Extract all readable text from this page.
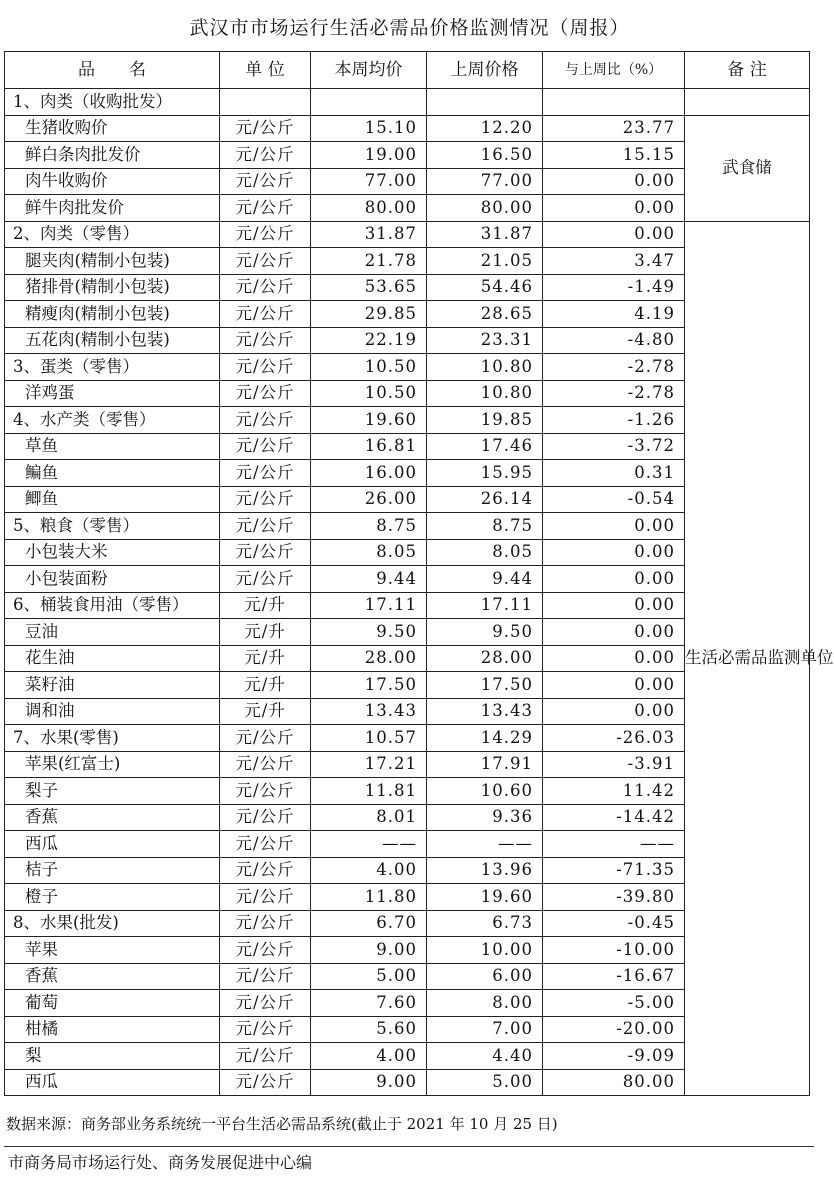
武汉市市场运行生活必需品价格监测情况（周报）
品　　名	单 位	本周均价	上周价格	与上周比（%）	备 注
1、肉类（收购批发）					
生猪收购价	元/公斤	15.10	12.20	23.77	武食储
鲜白条肉批发价	元/公斤	19.00	16.50	15.15	
肉牛收购价	元/公斤	77.00	77.00	0.00	
鲜牛肉批发价	元/公斤	80.00	80.00	0.00	
2、肉类（零售）	元/公斤	31.87	31.87	0.00	生活必需品监测单位
腿夹肉(精制小包装)	元/公斤	21.78	21.05	3.47	
猪排骨(精制小包装)	元/公斤	53.65	54.46	-1.49	
精瘦肉(精制小包装)	元/公斤	29.85	28.65	4.19	
五花肉(精制小包装)	元/公斤	22.19	23.31	-4.80	
3、蛋类（零售）	元/公斤	10.50	10.80	-2.78	
洋鸡蛋	元/公斤	10.50	10.80	-2.78	
4、水产类（零售）	元/公斤	19.60	19.85	-1.26	
草鱼	元/公斤	16.81	17.46	-3.72	
鳊鱼	元/公斤	16.00	15.95	0.31	
鲫鱼	元/公斤	26.00	26.14	-0.54	
5、粮食（零售）	元/公斤	8.75	8.75	0.00	
小包装大米	元/公斤	8.05	8.05	0.00	
小包装面粉	元/公斤	9.44	9.44	0.00	
6、桶装食用油（零售）	元/升	17.11	17.11	0.00	
豆油	元/升	9.50	9.50	0.00	
花生油	元/升	28.00	28.00	0.00	
菜籽油	元/升	17.50	17.50	0.00	
调和油	元/升	13.43	13.43	0.00	
7、水果(零售)	元/公斤	10.57	14.29	-26.03	
苹果(红富士)	元/公斤	17.21	17.91	-3.91	
梨子	元/公斤	11.81	10.60	11.42	
香蕉	元/公斤	8.01	9.36	-14.42	
西瓜	元/公斤	——	——	——	
桔子	元/公斤	4.00	13.96	-71.35	
橙子	元/公斤	11.80	19.60	-39.80	
8、水果(批发)	元/公斤	6.70	6.73	-0.45	
苹果	元/公斤	9.00	10.00	-10.00	
香蕉	元/公斤	5.00	6.00	-16.67	
葡萄	元/公斤	7.60	8.00	-5.00	
柑橘	元/公斤	5.60	7.00	-20.00	
梨	元/公斤	4.00	4.40	-9.09	
西瓜	元/公斤	9.00	5.00	80.00	
数据来源：商务部业务系统统一平台生活必需品系统(截止于 2021 年 10 月 25 日)
市商务局市场运行处、商务发展促进中心编
